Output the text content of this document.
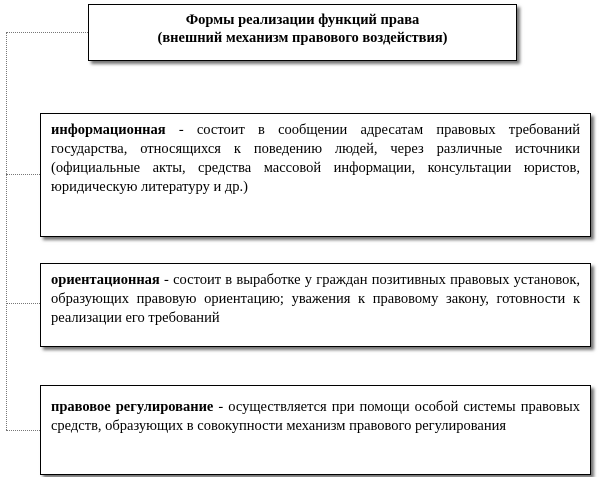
Формы реализации функций права
(внешний механизм правового воздействия)
информационная - состоит в сообщении адресатам правовых требований государства, относящихся к поведению людей, через различные источники (официальные акты, средства массовой информации, консультации юристов, юридическую литературу и др.)
ориентационная - состоит в выработке у граждан позитивных правовых установок, образующих правовую ориентацию; уважения к правовому закону, готовности к реализации его требований
правовое регулирование - осуществляется при помощи особой системы правовых средств, образующих в совокупности механизм правового регулирования
